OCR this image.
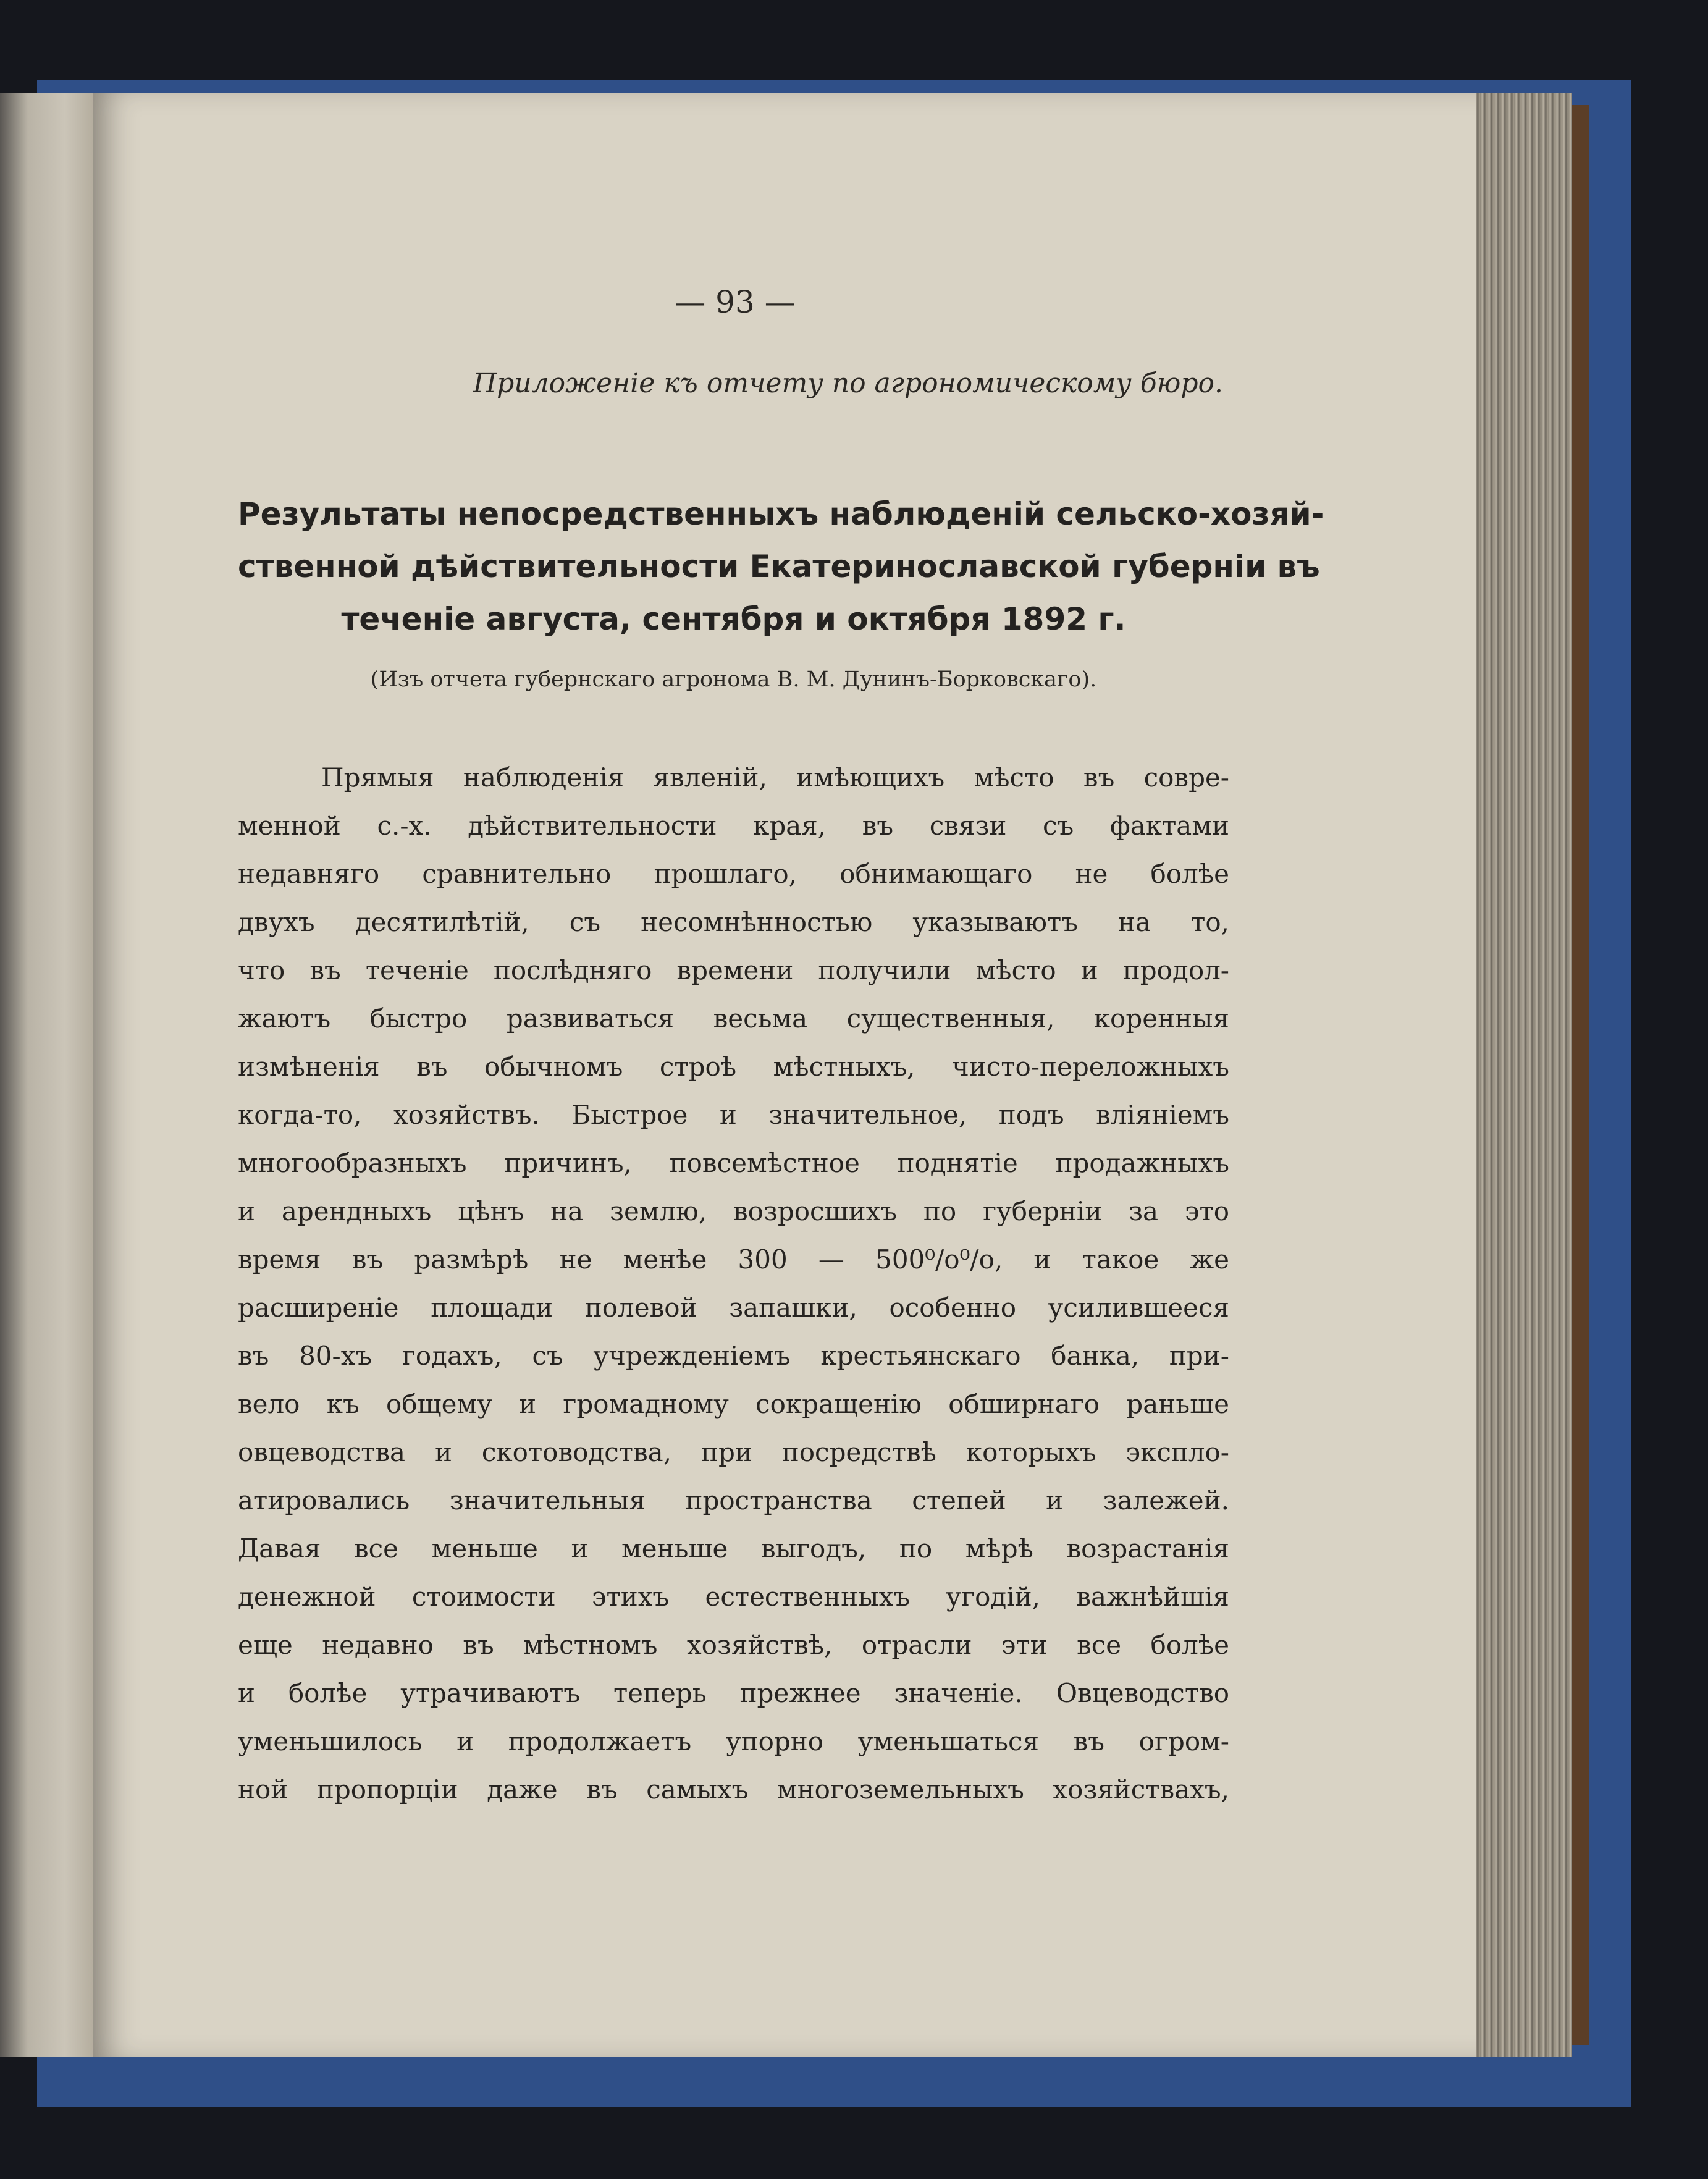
— 93 —
Приложенie къ отчету по агрономическому бюро.
Результаты непосредственныхъ наблюденiй сельско-хозяй-
ственной дѣйствительности Екатеринославской губернiи въ
теченiе августа, сентября и октября 1892 г.
(Изъ отчета губернскаго агронома В. М. Дунинъ-Борковскаго).
Прямыя наблюденiя явленiй, имѣющихъ мѣсто въ совре-
менной с.-х. дѣйствительности края, въ связи съ фактами
недавняго сравнительно прошлаго, обнимающаго не болѣе
двухъ десятилѣтiй, съ несомнѣнностью указываютъ на то,
что въ теченiе послѣдняго времени получили мѣсто и продол-
жаютъ быстро развиваться весьма существенныя, коренныя
измѣненiя въ обычномъ строѣ мѣстныхъ, чисто-переложныхъ
когда-то, хозяйствъ. Быстрое и значительное, подъ влiянiемъ
многообразныхъ причинъ, повсемѣстное поднятiе продажныхъ
и арендныхъ цѣнъ на землю, возросшихъ по губернiи за это
время въ размѣрѣ не менѣе 300 — 500⁰/о⁰/о, и такое же
расширенiе площади полевой запашки, особенно усилившееся
въ 80-хъ годахъ, съ учрежденiемъ крестьянскаго банка, при-
вело къ общему и громадному сокращенiю обширнаго раньше
овцеводства и скотоводства, при посредствѣ которыхъ экспло-
атировались значительныя пространства степей и залежей.
Давая все меньше и меньше выгодъ, по мѣрѣ возрастанiя
денежной стоимости этихъ естественныхъ угодiй, важнѣйшiя
еще недавно въ мѣстномъ хозяйствѣ, отрасли эти все болѣе
и болѣе утрачиваютъ теперь прежнее значенiе. Овцеводство
уменьшилось и продолжаетъ упорно уменьшаться въ огром-
ной пропорцiи даже въ самыхъ многоземельныхъ хозяйствахъ,
